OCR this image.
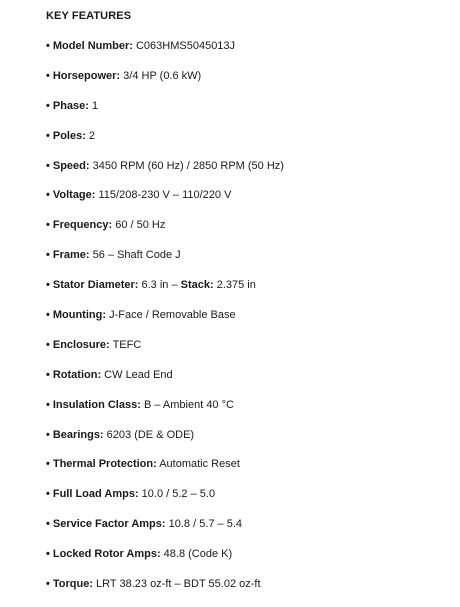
KEY FEATURES
• Model Number: C063HMS5045013J
• Horsepower: 3/4 HP (0.6 kW)
• Phase: 1
• Poles: 2
• Speed: 3450 RPM (60 Hz) / 2850 RPM (50 Hz)
• Voltage: 115/208-230 V – 110/220 V
• Frequency: 60 / 50 Hz
• Frame: 56 – Shaft Code J
• Stator Diameter: 6.3 in – Stack: 2.375 in
• Mounting: J-Face / Removable Base
• Enclosure: TEFC
• Rotation: CW Lead End
• Insulation Class: B – Ambient 40 °C
• Bearings: 6203 (DE & ODE)
• Thermal Protection: Automatic Reset
• Full Load Amps: 10.0 / 5.2 – 5.0
• Service Factor Amps: 10.8 / 5.7 – 5.4
• Locked Rotor Amps: 48.8 (Code K)
• Torque: LRT 38.23 oz-ft – BDT 55.02 oz-ft
